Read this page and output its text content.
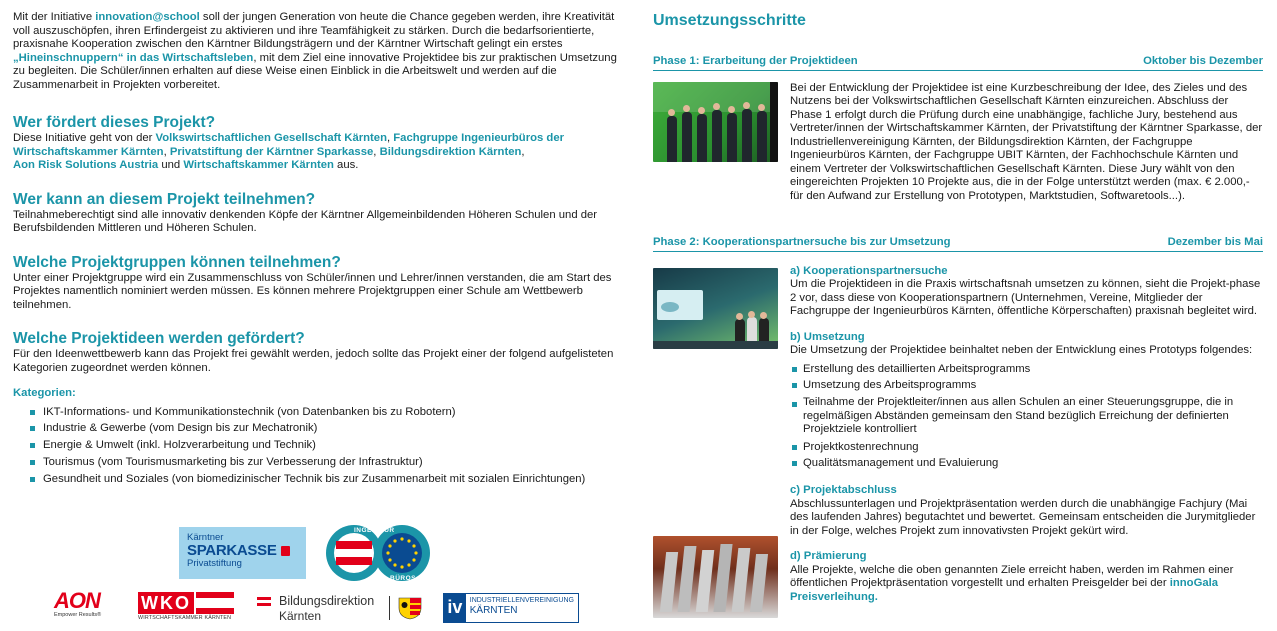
Mit der Initiative innovation@school soll der jungen Generation von heute die Chance gegeben werden, ihre Kreativität voll auszuschöpfen, ihren Erfindergeist zu aktivieren und ihre Teamfähigkeit zu stärken. Durch die bedarfsorientierte, praxisnahe Kooperation zwischen den Kärntner Bildungsträgern und der Kärntner Wirtschaft gelingt ein erstes „Hineinschnuppern“ in das Wirtschaftsleben, mit dem Ziel eine innovative Projektidee bis zur praktischen Umsetzung zu begleiten. Die Schüler/innen erhalten auf diese Weise einen Einblick in die Arbeitswelt und werden auf die Zusammenarbeit in Projekten vorbereitet.

Wer fördert dieses Projekt?

Diese Initiative geht von der Volkswirtschaftlichen Gesellschaft Kärnten, Fachgruppe Ingenieurbüros der Wirtschaftskammer Kärnten, Privatstiftung der Kärntner Sparkasse, Bildungsdirektion Kärnten,
Aon Risk Solutions Austria und Wirtschaftskammer Kärnten aus.

Wer kann an diesem Projekt teilnehmen?

Teilnahmeberechtigt sind alle innovativ denkenden Köpfe der Kärntner Allgemeinbildenden Höheren Schulen und der Berufsbildenden Mittleren und Höheren Schulen.

Welche Projektgruppen können teilnehmen?

Unter einer Projektgruppe wird ein Zusammenschluss von Schüler/innen und Lehrer/innen verstanden, die am Start des Projektes namentlich nominiert werden müssen. Es können mehrere Projektgruppen einer Schule am Wettbewerb teilnehmen.

Welche Projektideen werden gefördert?

Für den Ideenwettbewerb kann das Projekt frei gewählt werden, jedoch sollte das Projekt einer der folgend aufgelisteten Kategorien zugeordnet werden können.

Kategorien:
IKT-Informations- und Kommunikationstechnik (von Datenbanken bis zu Robotern)
Industrie & Gewerbe (vom Design bis zur Mechatronik)
Energie & Umwelt (inkl. Holzverarbeitung und Technik)
Tourismus (vom Tourismusmarketing bis zur Verbesserung der Infrastruktur)
Gesundheit und Soziales (von biomedizinischer Technik bis zur Zusammenarbeit mit sozialen Einrichtungen)
Kärntner
SPARKASSE
Privatstiftung
INGENIEUR
BÜROS
AON
Empower Results®
WKO
WIRTSCHAFTSKAMMER KÄRNTEN
Bildungsdirektion
Kärnten	iv	INDUSTRIELLENVEREINIGUNG
KÄRNTEN
Umsetzungsschritte
Phase 1: Erarbeitung der Projektideen	Oktober bis Dezember

Bei der Entwicklung der Projektidee ist eine Kurzbeschreibung der Idee, des Zieles und des Nutzens bei der Volkswirtschaftlichen Gesellschaft Kärnten einzureichen. Abschluss der Phase 1 erfolgt durch die Prüfung durch eine unabhängige, fachliche Jury, bestehend aus Vertreter/innen der Wirtschaftskammer Kärnten, der Privatstiftung der Kärntner Sparkasse, der Industriellenvereinigung Kärnten, der Bildungsdirektion Kärnten, der Fachgruppe Ingenieurbüros Kärnten, der Fachgruppe UBIT Kärnten, der Fachhochschule Kärnten und einem Vertreter der Volkswirtschaftlichen Gesellschaft Kärnten. Diese Jury wählt von den eingereichten Projekten 10 Projekte aus, die in der Folge unterstützt werden (max. € 2.000,- für den Aufwand zur Erstellung von Prototypen, Marktstudien, Softwaretools...).

Phase 2: Kooperationspartnersuche bis zur Umsetzung	Dezember bis Mai
a) Kooperationspartnersuche

Um die Projektideen in die Praxis wirtschaftsnah umsetzen zu können, sieht die Projekt-phase 2 vor, dass diese von Kooperationspartnern (Unternehmen, Vereine, Mitglieder der Fachgruppe der Ingenieurbüros Kärnten, öffentliche Körperschaften) praxisnah begleitet wird.

b) Umsetzung

Die Umsetzung der Projektidee beinhaltet neben der Entwicklung eines Prototyps folgendes:

Erstellung des detaillierten Arbeitsprogramms
Umsetzung des Arbeitsprogramms
Teilnahme der Projektleiter/innen aus allen Schulen an einer Steuerungsgruppe, die in regelmäßigen Abständen gemeinsam den Stand bezüglich Erreichung der definierten Projektziele kontrolliert
Projektkostenrechnung
Qualitätsmanagement und Evaluierung
c) Projektabschluss

Abschlussunterlagen und Projektpräsentation werden durch die unabhängige Fachjury (Mai des laufenden Jahres) begutachtet und bewertet. Gemeinsam entscheiden die Jurymitglieder in der Folge, welches Projekt zum innovativsten Projekt gekürt wird.

d) Prämierung

Alle Projekte, welche die oben genannten Ziele erreicht haben, werden im Rahmen einer öffentlichen Projektpräsentation vorgestellt und erhalten Preisgelder bei der innoGala Preisverleihung.
